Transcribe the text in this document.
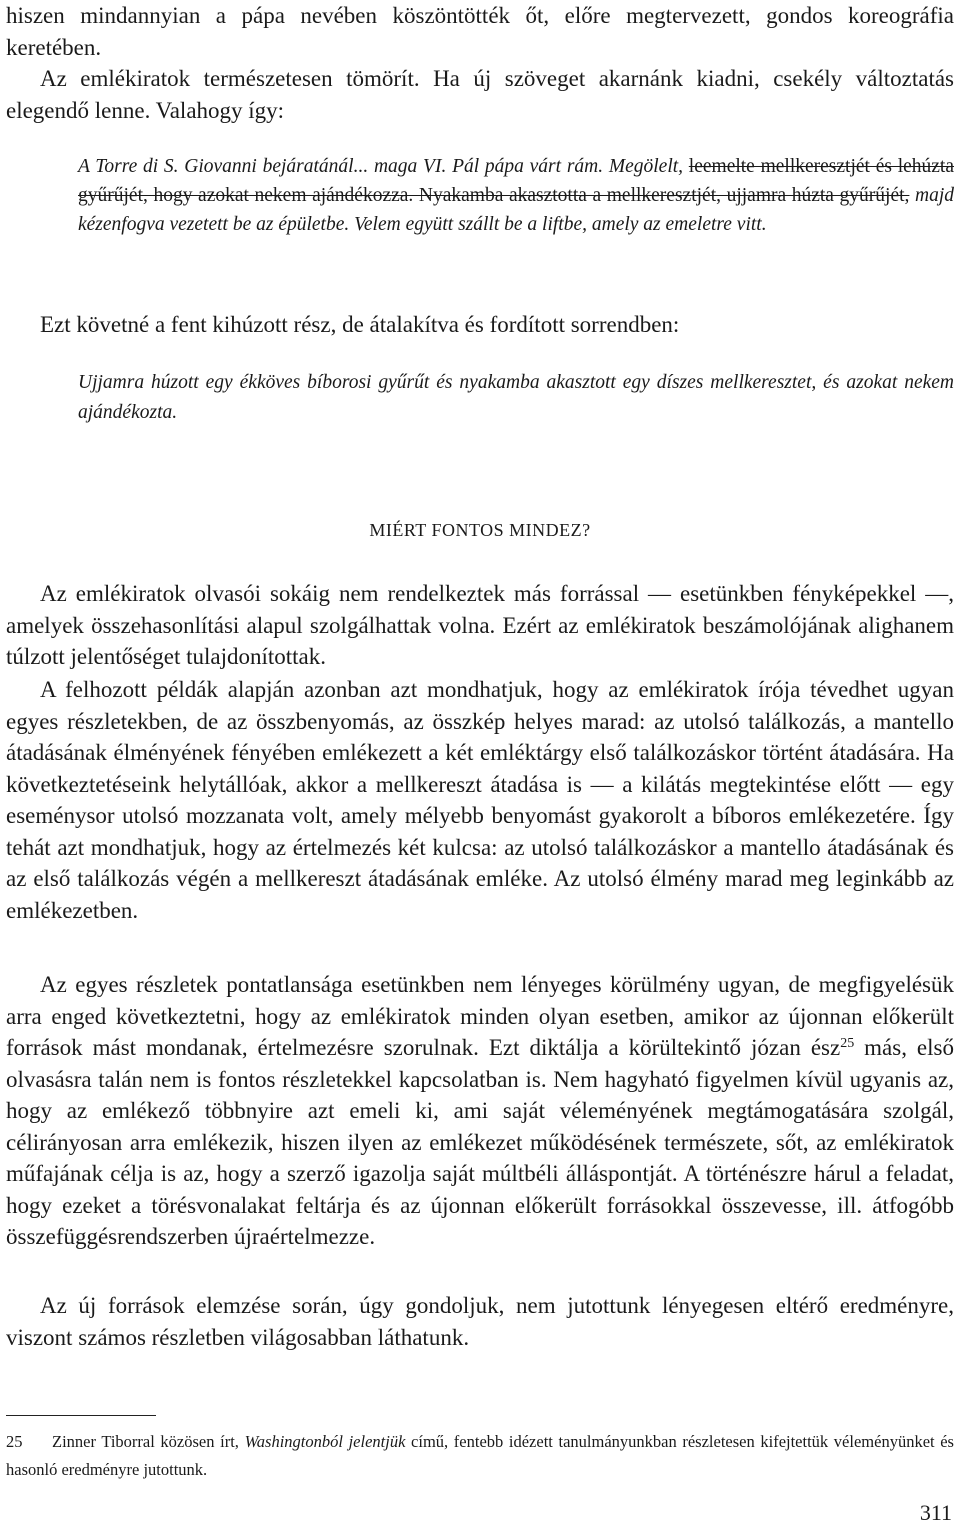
hiszen mindannyian a pápa nevében köszöntötték őt, előre megtervezett, gondos koreográfia keretében.

Az emlékiratok természetesen tömörít. Ha új szöveget akarnánk kiadni, csekély változtatás elegendő lenne. Valahogy így:

A Torre di S. Giovanni bejáratánál... maga VI. Pál pápa várt rám. Megölelt, leemelte mellkeresztjét és lehúzta gyűrűjét, hogy azokat nekem ajándékozza. Nyakamba akasztotta a mellkeresztjét, ujjamra húzta gyűrűjét, majd kézenfogva vezetett be az épületbe. Velem együtt szállt be a liftbe, amely az emeletre vitt.

Ezt követné a fent kihúzott rész, de átalakítva és fordított sorrendben:

Ujjamra húzott egy ékköves bíborosi gyűrűt és nyakamba akasztott egy díszes mellkeresztet, és azokat nekem ajándékozta.

MIÉRT FONTOS MINDEZ?

Az emlékiratok olvasói sokáig nem rendelkeztek más forrással — esetünkben fényképekkel —, amelyek összehasonlítási alapul szolgálhattak volna. Ezért az emlékiratok beszámolójának alighanem túlzott jelentőséget tulajdonítottak.

A felhozott példák alapján azonban azt mondhatjuk, hogy az emlékiratok írója tévedhet ugyan egyes részletekben, de az összbenyomás, az összkép helyes marad: az utolsó találkozás, a mantello átadásának élményének fényében emlékezett a két emléktárgy első találkozáskor történt átadására. Ha következtetéseink helytállóak, akkor a mellkereszt átadása is — a kilátás megtekintése előtt — egy eseménysor utolsó mozzanata volt, amely mélyebb benyomást gyakorolt a bíboros emlékezetére. Így tehát azt mondhatjuk, hogy az értelmezés két kulcsa: az utolsó találkozáskor a mantello átadásának és az első találkozás végén a mellkereszt átadásának emléke. Az utolsó élmény marad meg leginkább az emlékezetben.

Az egyes részletek pontatlansága esetünkben nem lényeges körülmény ugyan, de megfigyelésük arra enged következtetni, hogy az emlékiratok minden olyan esetben, amikor az újonnan előkerült források mást mondanak, értelmezésre szorulnak. Ezt diktálja a körültekintő józan ész$^{25}$ más, első olvasásra talán nem is fontos részletekkel kapcsolatban is. Nem hagyható figyelmen kívül ugyanis az, hogy az emlékező többnyire azt emeli ki, ami saját véleményének megtámogatására szolgál, célirányosan arra emlékezik, hiszen ilyen az emlékezet működésének természete, sőt, az emlékiratok műfajának célja is az, hogy a szerző igazolja saját múltbéli álláspontját. A történészre hárul a feladat, hogy ezeket a törésvonalakat feltárja és az újonnan előkerült forrásokkal összevesse, ill. átfogóbb összefüggésrendszerben újraértelmezze.

Az új források elemzése során, úgy gondoljuk, nem jutottunk lényegesen eltérő eredményre, viszont számos részletben világosabban láthatunk.

25 Zinner Tiborral közösen írt, Washingtonból jelentjük című, fentebb idézett tanulmányunkban részletesen kifejtettük véleményünket és hasonló eredményre jutottunk.

311
